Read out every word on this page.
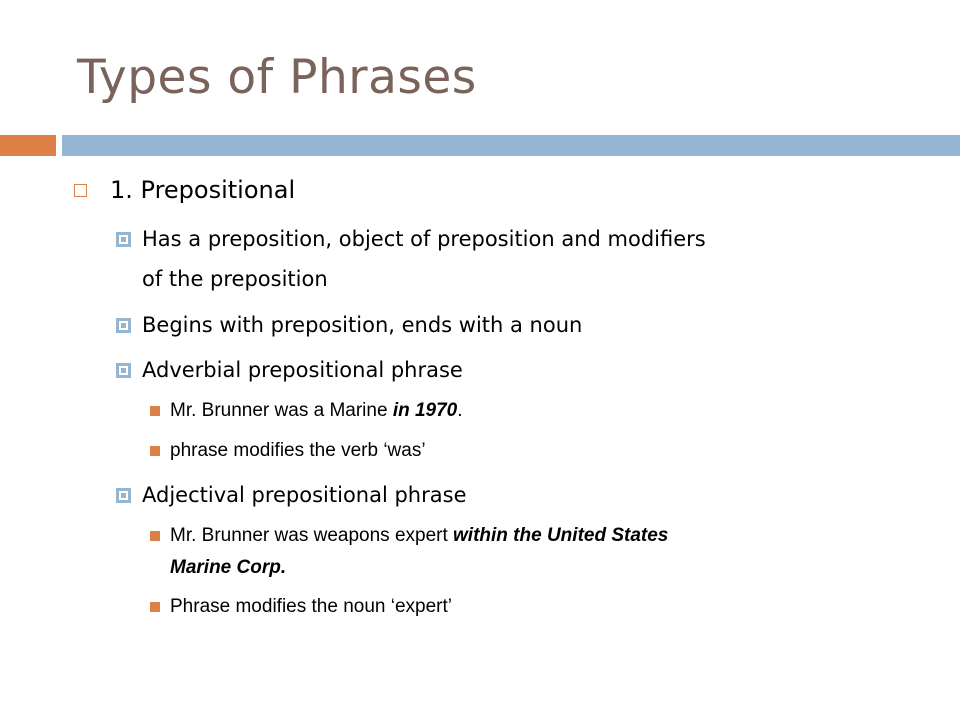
Types of Phrases
1. Prepositional
Has a preposition, object of preposition and modifiers
of the preposition
Begins with preposition, ends with a noun
Adverbial prepositional phrase
Mr. Brunner was a Marine in 1970.
phrase modifies the verb ‘was’
Adjectival prepositional phrase
Mr. Brunner was weapons expert within the United States
Marine Corp.
Phrase modifies the noun ‘expert’
